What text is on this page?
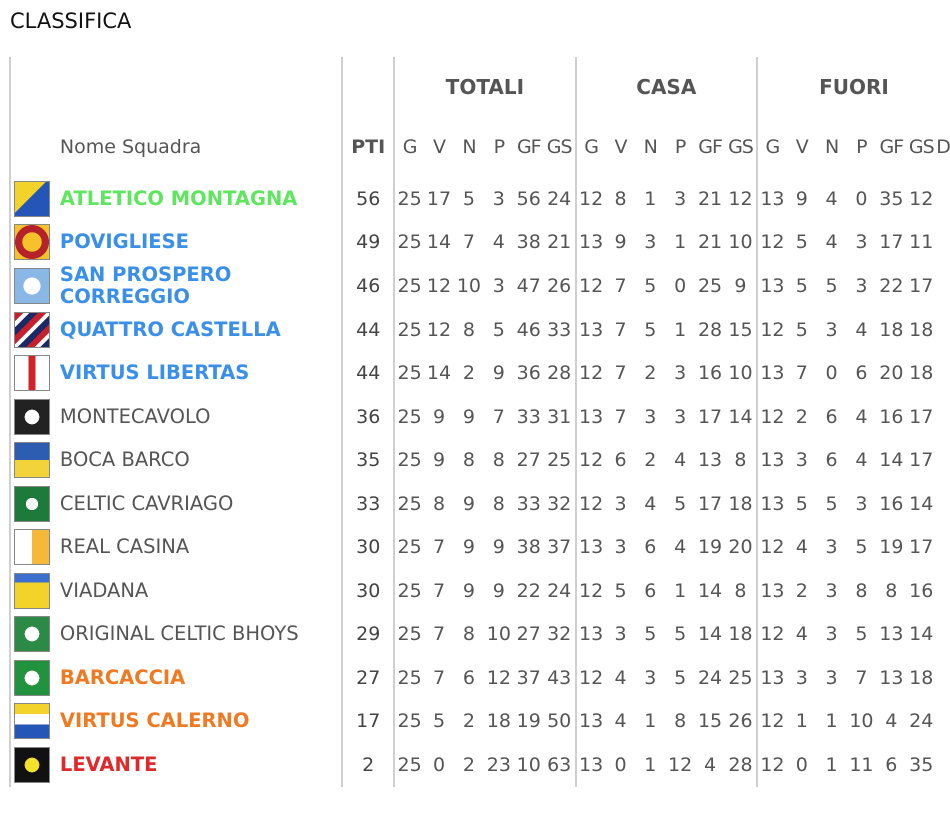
CLASSIFICA
			TOTALI						CASA						FUORI						
	Nome Squadra	PTI	G	V	N	P	GF	GS	G	V	N	P	GF	GS	G	V	N	P	GF	GS	D

	ATLETICO MONTAGNA	56	25	17	5	3	56	24	12	8	1	3	21	12	13	9	4	0	35	12	

	POVIGLIESE	49	25	14	7	4	38	21	13	9	3	1	21	10	12	5	4	3	17	11	

	SAN PROSPERO CORREGGIO	46	25	12	10	3	47	26	12	7	5	0	25	9	13	5	5	3	22	17	

	QUATTRO CASTELLA	44	25	12	8	5	46	33	13	7	5	1	28	15	12	5	3	4	18	18	

	VIRTUS LIBERTAS	44	25	14	2	9	36	28	12	7	2	3	16	10	13	7	0	6	20	18	

	MONTECAVOLO	36	25	9	9	7	33	31	13	7	3	3	17	14	12	2	6	4	16	17	

	BOCA BARCO	35	25	9	8	8	27	25	12	6	2	4	13	8	13	3	6	4	14	17	

	CELTIC CAVRIAGO	33	25	8	9	8	33	32	12	3	4	5	17	18	13	5	5	3	16	14	

	REAL CASINA	30	25	7	9	9	38	37	13	3	6	4	19	20	12	4	3	5	19	17	

	VIADANA	30	25	7	9	9	22	24	12	5	6	1	14	8	13	2	3	8	8	16	

	ORIGINAL CELTIC BHOYS	29	25	7	8	10	27	32	13	3	5	5	14	18	12	4	3	5	13	14	

	BARCACCIA	27	25	7	6	12	37	43	12	4	3	5	24	25	13	3	3	7	13	18	

	VIRTUS CALERNO	17	25	5	2	18	19	50	13	4	1	8	15	26	12	1	1	10	4	24	

	LEVANTE	2	25	0	2	23	10	63	13	0	1	12	4	28	12	0	1	11	6	35	
